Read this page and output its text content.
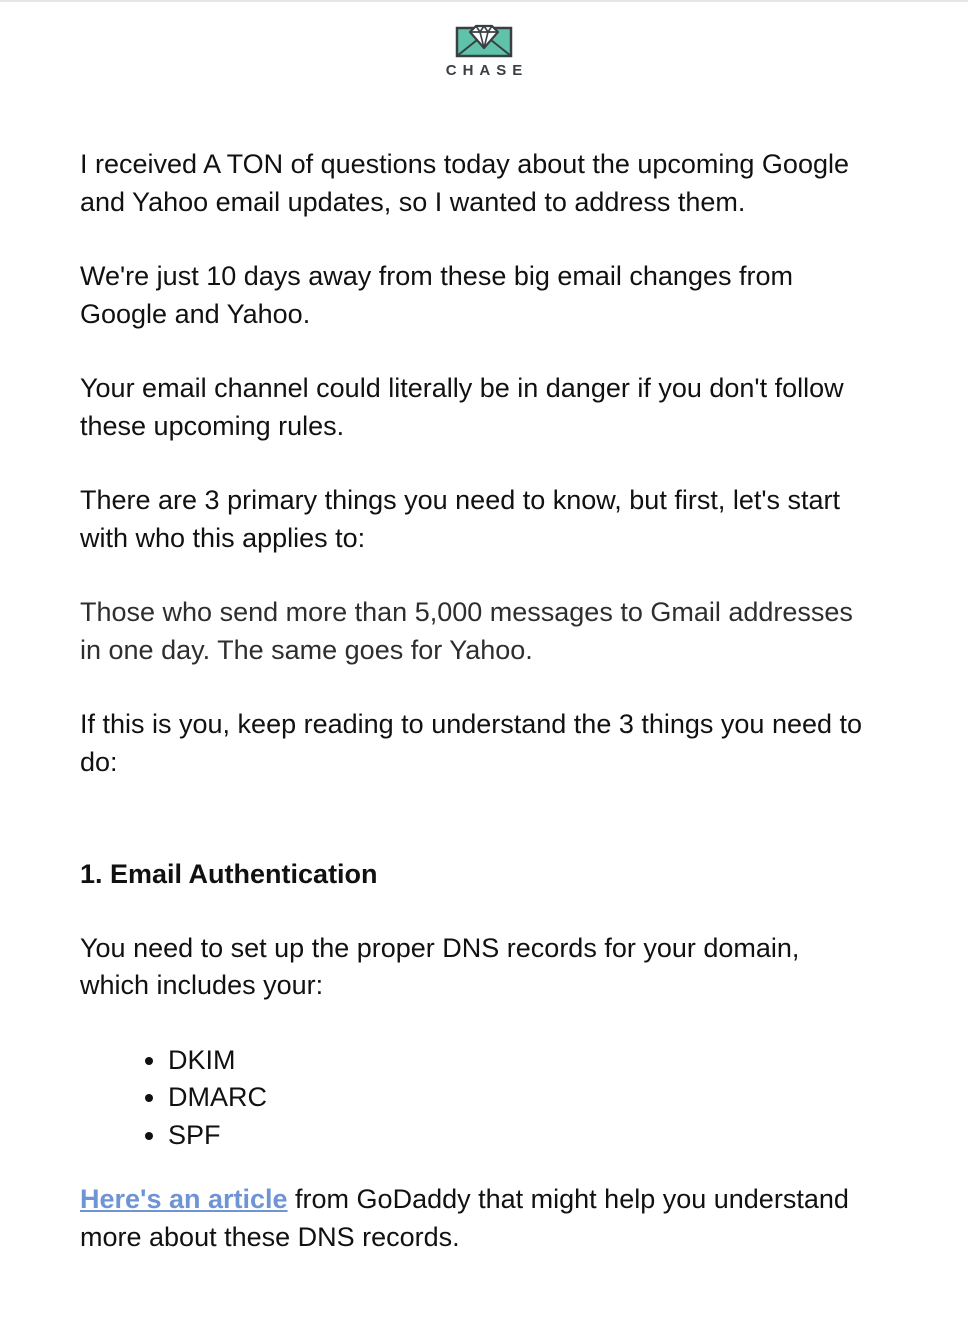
CHASE

I received A TON of questions today about the upcoming Google and Yahoo email updates, so I wanted to address them.

We're just 10 days away from these big email changes from Google and Yahoo.

Your email channel could literally be in danger if you don't follow these upcoming rules.

There are 3 primary things you need to know, but first, let's start with who this applies to:

Those who send more than 5,000 messages to Gmail addresses in one day. The same goes for Yahoo.

If this is you, keep reading to understand the 3 things you need to do:

1. Email Authentication

You need to set up the proper DNS records for your domain, which includes your:

• DKIM
• DMARC
• SPF

Here's an article from GoDaddy that might help you understand more about these DNS records.
